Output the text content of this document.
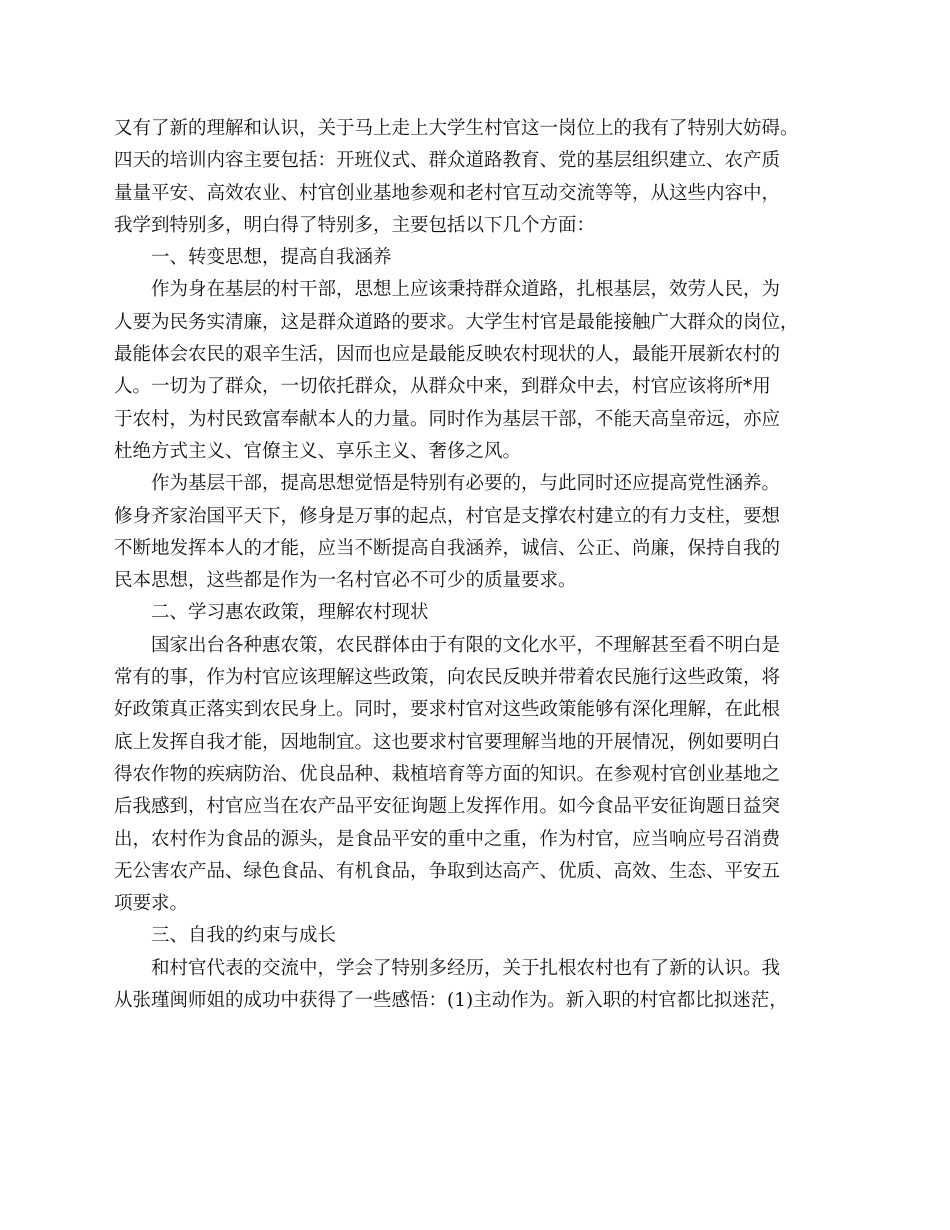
又有了新的理解和认识，关于马上走上大学生村官这一岗位上的我有了特别大妨碍。
四天的培训内容主要包括：开班仪式、群众道路教育、党的基层组织建立、农产质
量量平安、高效农业、村官创业基地参观和老村官互动交流等等，从这些内容中，
我学到特别多，明白得了特别多，主要包括以下几个方面：
一、转变思想，提高自我涵养
作为身在基层的村干部，思想上应该秉持群众道路，扎根基层，效劳人民，为
人要为民务实清廉，这是群众道路的要求。大学生村官是最能接触广大群众的岗位，
最能体会农民的艰辛生活，因而也应是最能反映农村现状的人，最能开展新农村的
人。一切为了群众，一切依托群众，从群众中来，到群众中去，村官应该将所*用
于农村，为村民致富奉献本人的力量。同时作为基层干部，不能天高皇帝远，亦应
杜绝方式主义、官僚主义、享乐主义、奢侈之风。
作为基层干部，提高思想觉悟是特别有必要的，与此同时还应提高党性涵养。
修身齐家治国平天下，修身是万事的起点，村官是支撑农村建立的有力支柱，要想
不断地发挥本人的才能，应当不断提高自我涵养，诚信、公正、尚廉，保持自我的
民本思想，这些都是作为一名村官必不可少的质量要求。
二、学习惠农政策，理解农村现状
国家出台各种惠农策，农民群体由于有限的文化水平，不理解甚至看不明白是
常有的事，作为村官应该理解这些政策，向农民反映并带着农民施行这些政策，将
好政策真正落实到农民身上。同时，要求村官对这些政策能够有深化理解，在此根
底上发挥自我才能，因地制宜。这也要求村官要理解当地的开展情况，例如要明白
得农作物的疾病防治、优良品种、栽植培育等方面的知识。在参观村官创业基地之
后我感到，村官应当在农产品平安征询题上发挥作用。如今食品平安征询题日益突
出，农村作为食品的源头，是食品平安的重中之重，作为村官，应当响应号召消费
无公害农产品、绿色食品、有机食品，争取到达高产、优质、高效、生态、平安五
项要求。
三、自我的约束与成长
和村官代表的交流中，学会了特别多经历，关于扎根农村也有了新的认识。我
从张瑾闽师姐的成功中获得了一些感悟：(1)主动作为。新入职的村官都比拟迷茫，
